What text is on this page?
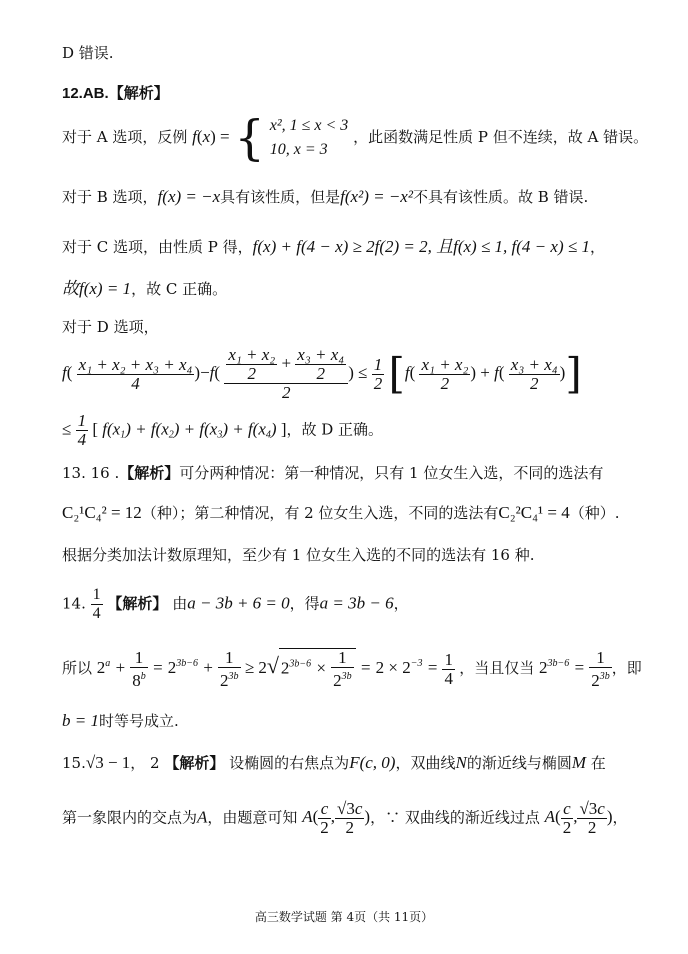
D 错误.
12.AB.【解析】
对于 A 选项，反例 f(x) = { x², 1 ≤ x < 3
10, x = 3
，此函数满足性质 P 但不连续，故 A 错误。
对于 B 选项，f(x) = −x具有该性质，但是f(x²) = −x²不具有该性质。故 B 错误.
对于 C 选项，由性质 P 得，f(x) + f(4 − x) ≥ 2f(2) = 2, 且f(x) ≤ 1, f(4 − x) ≤ 1，
故f(x) = 1，故 C 正确。
对于 D 选项，
$f( \frac{\text{x₁ + x₂ + x₃ + x₄}}{4} )-f( \frac{\frac{\text{x₁ + x₂}}{2} + \frac{\text{x₃ + x₄}}{2}}{2}$ ) ≤ $\frac{1}{2} [f( \frac{\text{x₁ + x₂}}{2}$ ) + $f( \frac{\text{x₃ + x₄}}{2}$ )]
≤ $\frac{1}{4}$ [ $f(x_1) + f(x_2) + f(x_3) + f(x_4)$ ]，故 D 正确。
13. 16 .【解析】可分两种情况：第一种情况，只有 1 位女生入选，不同的选法有
C₂¹C₄² = 12（种）；第二种情况，有 2 位女生入选，不同的选法有C₂²C₄¹ = 4（种）.
根据分类加法计数原理知，至少有 1 位女生入选的不同的选法有 16 种.
14. $\frac{1}{4}$ 【解析】 由a − 3b + 6 = 0，得a = 3b − 6，
所以 $2^a + \frac{1}{8^b} = 2^{3b-6} + \frac{1}{2^{3b}} \ge 2√$ $2^{3b-6} \times \frac{1}{2^{3b}} = 2 \times 2^{-3} = \frac{1}{4}$ ，当且仅当 $2^{3b-6} = \frac{1}{2^{3b}}$ ，即
b = 1时等号成立.
15.√3 − 1， 2 【解析】 设椭圆的右焦点为F(c, 0)，双曲线N的渐近线与椭圆M 在
第一象限内的交点为A，由题意可知 $A( \frac{c}{2}$ , $\frac{√3c}{2}$ )，∵ 双曲线的渐近线过点 $A( \frac{c}{2}$ , $\frac{√3c}{2}$ )，
高三数学试题 第 4页（共 11页）
